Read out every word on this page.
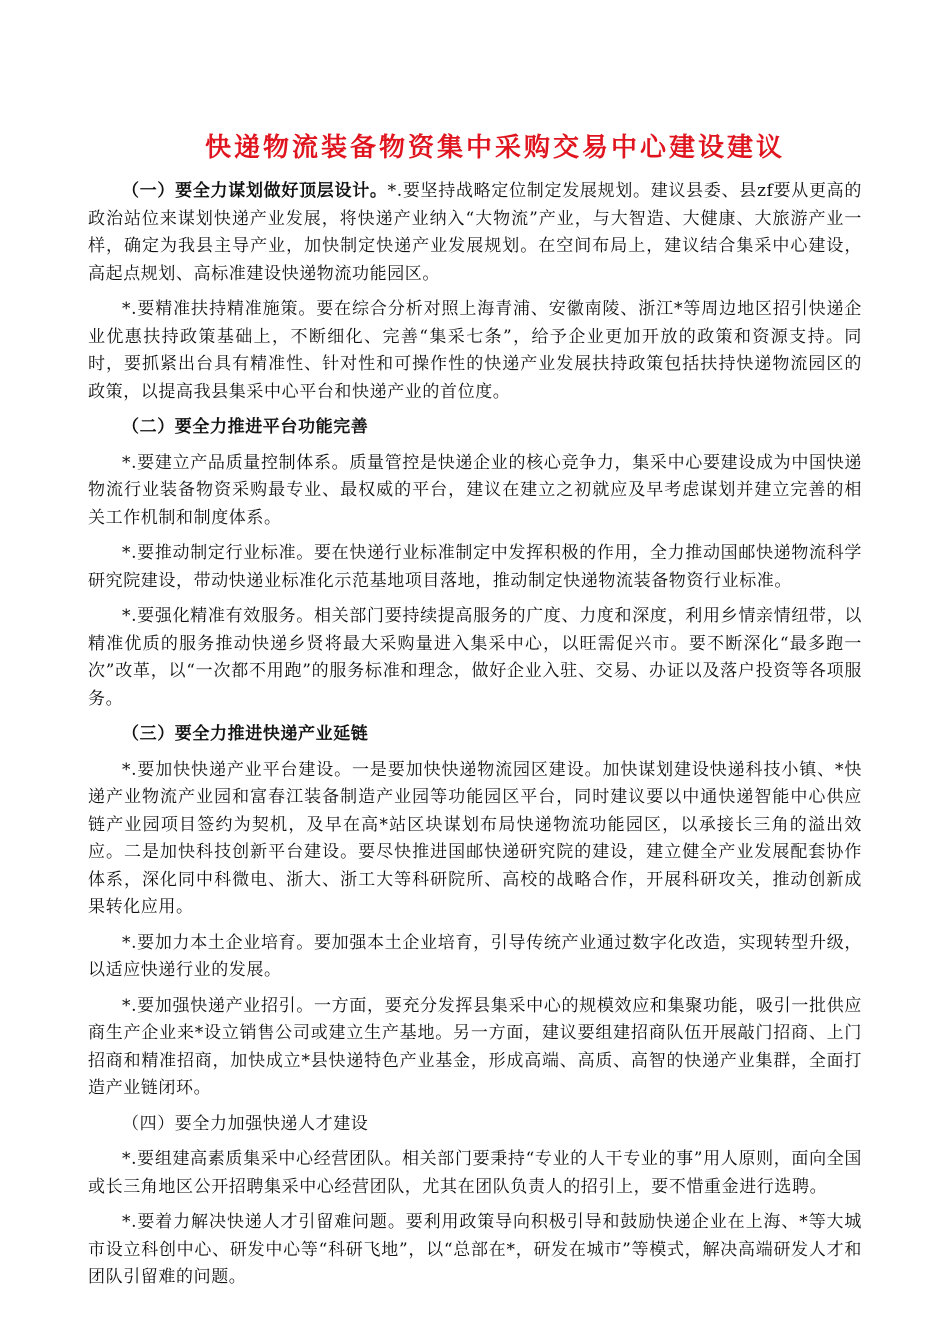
快递物流装备物资集中采购交易中心建设建议

（一）要全力谋划做好顶层设计。*.要坚持战略定位制定发展规划。建议县委、县zf要从更高的政治站位来谋划快递产业发展，将快递产业纳入“大物流”产业，与大智造、大健康、大旅游产业一样，确定为我县主导产业，加快制定快递产业发展规划。在空间布局上，建议结合集采中心建设，高起点规划、高标准建设快递物流功能园区。

*.要精准扶持精准施策。要在综合分析对照上海青浦、安徽南陵、浙江*等周边地区招引快递企业优惠扶持政策基础上，不断细化、完善“集采七条”，给予企业更加开放的政策和资源支持。同时，要抓紧出台具有精准性、针对性和可操作性的快递产业发展扶持政策包括扶持快递物流园区的政策，以提高我县集采中心平台和快递产业的首位度。

（二）要全力推进平台功能完善

*.要建立产品质量控制体系。质量管控是快递企业的核心竞争力，集采中心要建设成为中国快递物流行业装备物资采购最专业、最权威的平台，建议在建立之初就应及早考虑谋划并建立完善的相关工作机制和制度体系。

*.要推动制定行业标准。要在快递行业标准制定中发挥积极的作用，全力推动国邮快递物流科学研究院建设，带动快递业标准化示范基地项目落地，推动制定快递物流装备物资行业标准。

*.要强化精准有效服务。相关部门要持续提高服务的广度、力度和深度，利用乡情亲情纽带，以精准优质的服务推动快递乡贤将最大采购量进入集采中心，以旺需促兴市。要不断深化“最多跑一次”改革，以“一次都不用跑”的服务标准和理念，做好企业入驻、交易、办证以及落户投资等各项服务。

（三）要全力推进快递产业延链

*.要加快快递产业平台建设。一是要加快快递物流园区建设。加快谋划建设快递科技小镇、*快递产业物流产业园和富春江装备制造产业园等功能园区平台，同时建议要以中通快递智能中心供应链产业园项目签约为契机，及早在高*站区块谋划布局快递物流功能园区，以承接长三角的溢出效应。二是加快科技创新平台建设。要尽快推进国邮快递研究院的建设，建立健全产业发展配套协作体系，深化同中科微电、浙大、浙工大等科研院所、高校的战略合作，开展科研攻关，推动创新成果转化应用。

*.要加力本土企业培育。要加强本土企业培育，引导传统产业通过数字化改造，实现转型升级，以适应快递行业的发展。

*.要加强快递产业招引。一方面，要充分发挥县集采中心的规模效应和集聚功能，吸引一批供应商生产企业来*设立销售公司或建立生产基地。另一方面，建议要组建招商队伍开展敲门招商、上门招商和精准招商，加快成立*县快递特色产业基金，形成高端、高质、高智的快递产业集群，全面打造产业链闭环。

（四）要全力加强快递人才建设

*.要组建高素质集采中心经营团队。相关部门要秉持“专业的人干专业的事”用人原则，面向全国或长三角地区公开招聘集采中心经营团队，尤其在团队负责人的招引上，要不惜重金进行选聘。

*.要着力解决快递人才引留难问题。要利用政策导向积极引导和鼓励快递企业在上海、*等大城市设立科创中心、研发中心等“科研飞地”，以“总部在*，研发在城市”等模式，解决高端研发人才和团队引留难的问题。
